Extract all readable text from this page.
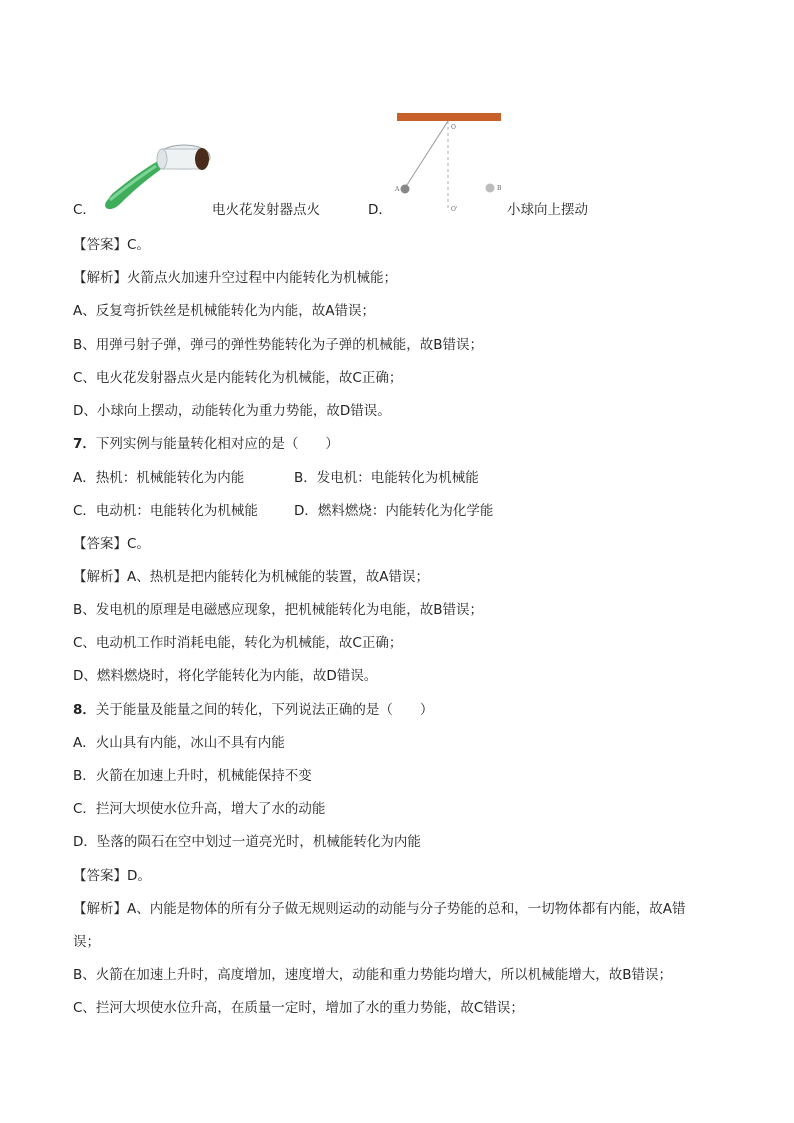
C．	电火花发射器点火	D．
O
A	B
O'	小球向上摆动
【答案】C。
【解析】火箭点火加速升空过程中内能转化为机械能；
A、反复弯折铁丝是机械能转化为内能，故A错误；
B、用弹弓射子弹，弹弓的弹性势能转化为子弹的机械能，故B错误；
C、电火花发射器点火是内能转化为机械能，故C正确；
D、小球向上摆动，动能转化为重力势能，故D错误。
7．下列实例与能量转化相对应的是（　　）
A．热机：机械能转化为内能	B．发电机：电能转化为机械能
C．电动机：电能转化为机械能	D．燃料燃烧：内能转化为化学能
【答案】C。
【解析】A、热机是把内能转化为机械能的装置，故A错误；
B、发电机的原理是电磁感应现象，把机械能转化为电能，故B错误；
C、电动机工作时消耗电能，转化为机械能，故C正确；
D、燃料燃烧时，将化学能转化为内能，故D错误。
8．关于能量及能量之间的转化，下列说法正确的是（　　）
A．火山具有内能，冰山不具有内能
B．火箭在加速上升时，机械能保持不变
C．拦河大坝使水位升高，增大了水的动能
D．坠落的陨石在空中划过一道亮光时，机械能转化为内能
【答案】D。
【解析】A、内能是物体的所有分子做无规则运动的动能与分子势能的总和，一切物体都有内能，故A错
误；
B、火箭在加速上升时，高度增加，速度增大，动能和重力势能均增大，所以机械能增大，故B错误；
C、拦河大坝使水位升高，在质量一定时，增加了水的重力势能，故C错误；
